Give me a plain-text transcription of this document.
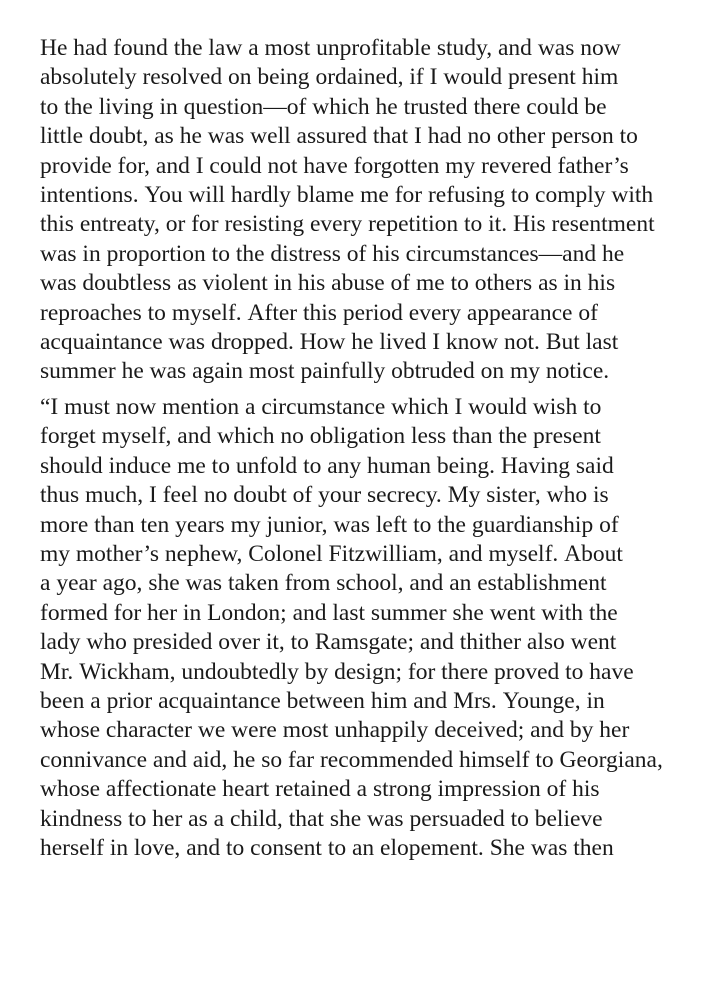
He had found the law a most unprofitable study, and was now
absolutely resolved on being ordained, if I would present him
to the living in question—of which he trusted there could be
little doubt, as he was well assured that I had no other person to
provide for, and I could not have forgotten my revered father’s
intentions. You will hardly blame me for refusing to comply with
this entreaty, or for resisting every repetition to it. His resentment
was in proportion to the distress of his circumstances—and he
was doubtless as violent in his abuse of me to others as in his
reproaches to myself. After this period every appearance of
acquaintance was dropped. How he lived I know not. But last
summer he was again most painfully obtruded on my notice.
“I must now mention a circumstance which I would wish to
forget myself, and which no obligation less than the present
should induce me to unfold to any human being. Having said
thus much, I feel no doubt of your secrecy. My sister, who is
more than ten years my junior, was left to the guardianship of
my mother’s nephew, Colonel Fitzwilliam, and myself. About
a year ago, she was taken from school, and an establishment
formed for her in London; and last summer she went with the
lady who presided over it, to Ramsgate; and thither also went
Mr. Wickham, undoubtedly by design; for there proved to have
been a prior acquaintance between him and Mrs. Younge, in
whose character we were most unhappily deceived; and by her
connivance and aid, he so far recommended himself to Georgiana,
whose affectionate heart retained a strong impression of his
kindness to her as a child, that she was persuaded to believe
herself in love, and to consent to an elopement. She was then
